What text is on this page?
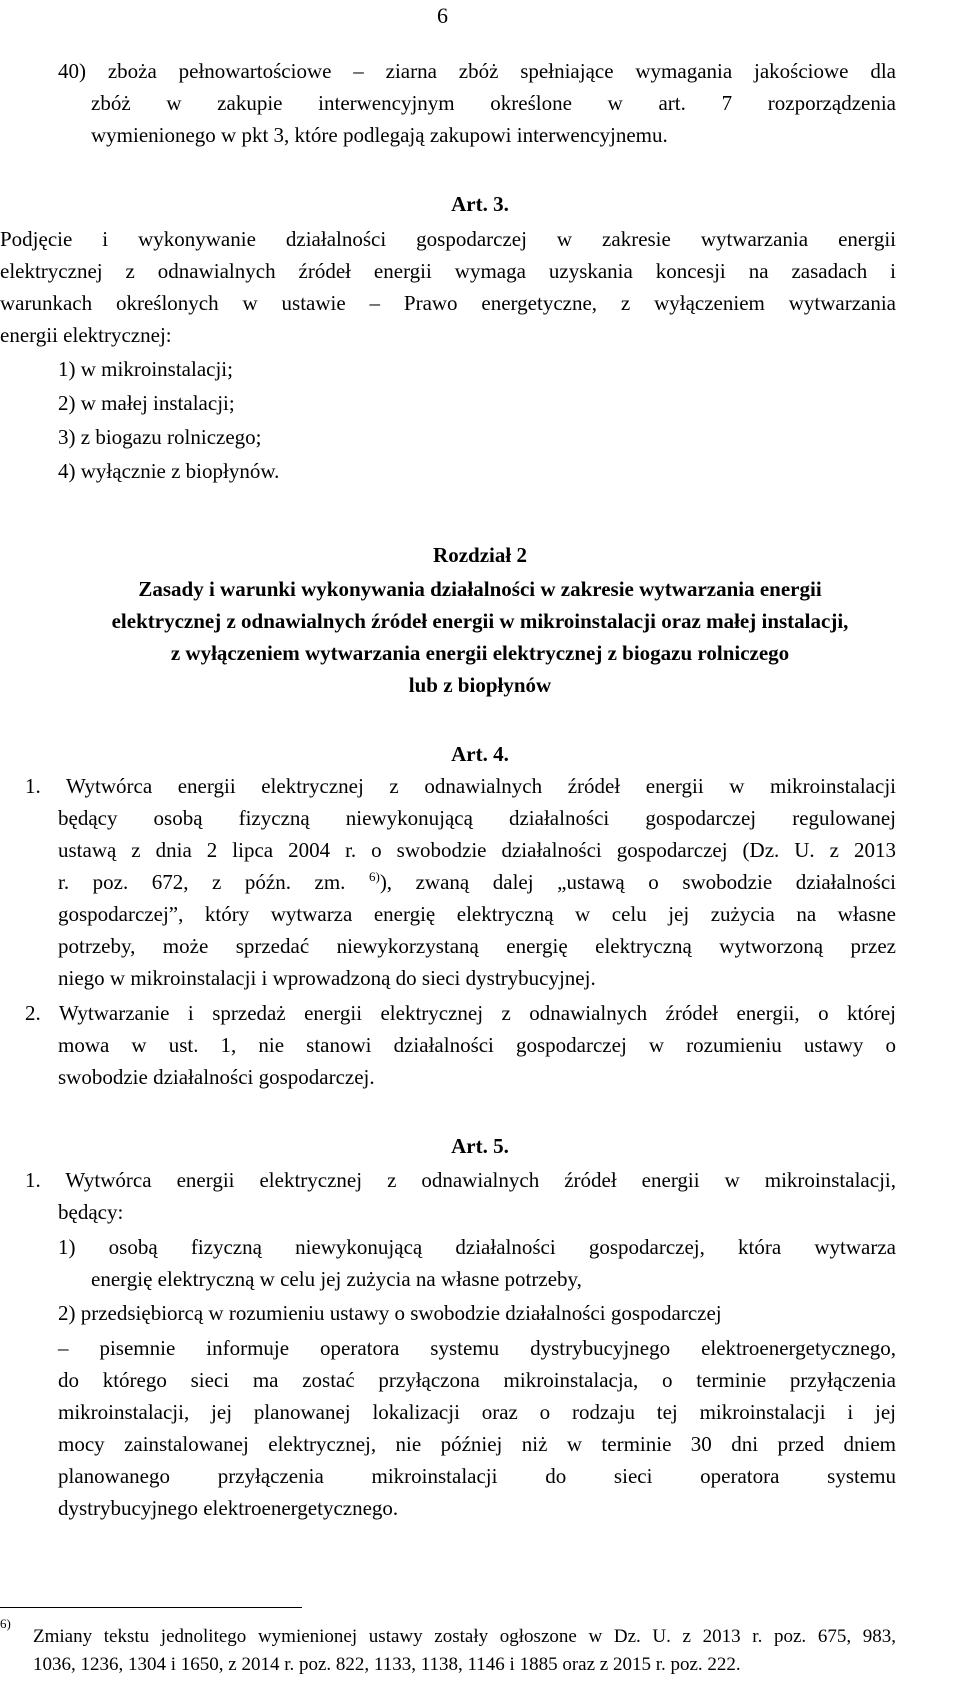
6
40) zboża pełnowartościowe – ziarna zbóż spełniające wymagania jakościowe dla
zbóż w zakupie interwencyjnym określone w art. 7 rozporządzenia
wymienionego w pkt 3, które podlegają zakupowi interwencyjnemu.
Art. 3.
Podjęcie i wykonywanie działalności gospodarczej w zakresie wytwarzania energii
elektrycznej z odnawialnych źródeł energii wymaga uzyskania koncesji na zasadach i
warunkach określonych w ustawie – Prawo energetyczne, z wyłączeniem wytwarzania
energii elektrycznej:
1) w mikroinstalacji;
2) w małej instalacji;
3) z biogazu rolniczego;
4) wyłącznie z biopłynów.
Rozdział 2
Zasady i warunki wykonywania działalności w zakresie wytwarzania energii
elektrycznej z odnawialnych źródeł energii w mikroinstalacji oraz małej instalacji,
z wyłączeniem wytwarzania energii elektrycznej z biogazu rolniczego
lub z biopłynów
Art. 4.
1. Wytwórca energii elektrycznej z odnawialnych źródeł energii w mikroinstalacji
będący osobą fizyczną niewykonującą działalności gospodarczej regulowanej
ustawą z dnia 2 lipca 2004 r. o swobodzie działalności gospodarczej (Dz. U. z 2013
r. poz. 672, z późn. zm. $^{6)}$), zwaną dalej „ustawą o swobodzie działalności
gospodarczej”, który wytwarza energię elektryczną w celu jej zużycia na własne
potrzeby, może sprzedać niewykorzystaną energię elektryczną wytworzoną przez
niego w mikroinstalacji i wprowadzoną do sieci dystrybucyjnej.
2. Wytwarzanie i sprzedaż energii elektrycznej z odnawialnych źródeł energii, o której
mowa w ust. 1, nie stanowi działalności gospodarczej w rozumieniu ustawy o
swobodzie działalności gospodarczej.
Art. 5.
1. Wytwórca energii elektrycznej z odnawialnych źródeł energii w mikroinstalacji,
będący:
1) osobą fizyczną niewykonującą działalności gospodarczej, która wytwarza
energię elektryczną w celu jej zużycia na własne potrzeby,
2) przedsiębiorcą w rozumieniu ustawy o swobodzie działalności gospodarczej
– pisemnie informuje operatora systemu dystrybucyjnego elektroenergetycznego,
do którego sieci ma zostać przyłączona mikroinstalacja, o terminie przyłączenia
mikroinstalacji, jej planowanej lokalizacji oraz o rodzaju tej mikroinstalacji i jej
mocy zainstalowanej elektrycznej, nie później niż w terminie 30 dni przed dniem
planowanego przyłączenia mikroinstalacji do sieci operatora systemu
dystrybucyjnego elektroenergetycznego.
6)
Zmiany tekstu jednolitego wymienionej ustawy zostały ogłoszone w Dz. U. z 2013 r. poz. 675, 983,
1036, 1236, 1304 i 1650, z 2014 r. poz. 822, 1133, 1138, 1146 i 1885 oraz z 2015 r. poz. 222.
